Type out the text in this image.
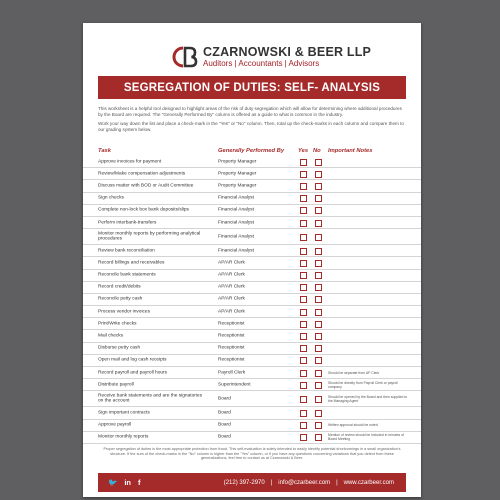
CZARNOWSKI & BEER LLP
Auditors | Accountants | Advisors
SEGREGATION OF DUTIES: SELF- ANALYSIS

This worksheet is a helpful tool designed to highlight areas of the risk of duty segregation which will allow for determining where additional procedures by the Board are required. The "Generally Performed By" column is offered as a guide to what is common in the industry.

Work your way down the list and place a check-mark in the "Yes" or "No" column. Then, total up the check-marks in each column and compare them to our grading system below.

Task	Generally Performed By Yes No Important Notes
Approve invoices for payment	Property Manager
Review/Make compensation adjustments	Property Manager
Discuss matter with BOD or Audit Committee	Property Manager
Sign checks	Financial Analyst
Complete non-lock box bank deposits/slips	Financial Analyst
Perform interbank-transfers	Financial Analyst
Monitor monthly reports by performing analytical procedures	Financial Analyst
Review bank reconciliation	Financial Analyst
Record billings and receivables	AP/AR Clerk
Reconcile bank statements	AP/AR Clerk
Record credit/debits	AP/AR Clerk
Reconcile petty cash	AP/AR Clerk
Process vendor invoices	AP/AR Clerk
Print/Write checks	Receptionist
Mail checks	Receptionist
Disburse petty cash	Receptionist
Open mail and log cash receipts	Receptionist
Record payroll and payroll hours	Payroll Clerk	Should be separate from AP Clerk
Distribute payroll	Superintendent	Should be directly from Payroll Clerk or payroll company
Receive bank statements and are the signatories on the account	Board	Should be opened by the Board and then supplied to the Managing Agent
Sign important contracts	Board
Approve payroll	Board	Written approval should be noted
Monitor monthly reports	Board	Mention of review should be included in minutes of Board Meeting

Proper segregation of duties is the most appropriate protection from fraud. This self-evaluation is solely intended to easily identify potential shortcomings in a small organization's structure. If the sum of the check-marks in the "No" column is higher than the "Yes" column, or if you have any questions concerning variations that you detect from these generalizations, feel free to contact us at Czarnowski & Beer.

🐦 in f	(212) 397-2970 | info@czarbeer.com | www.czarbeer.com
